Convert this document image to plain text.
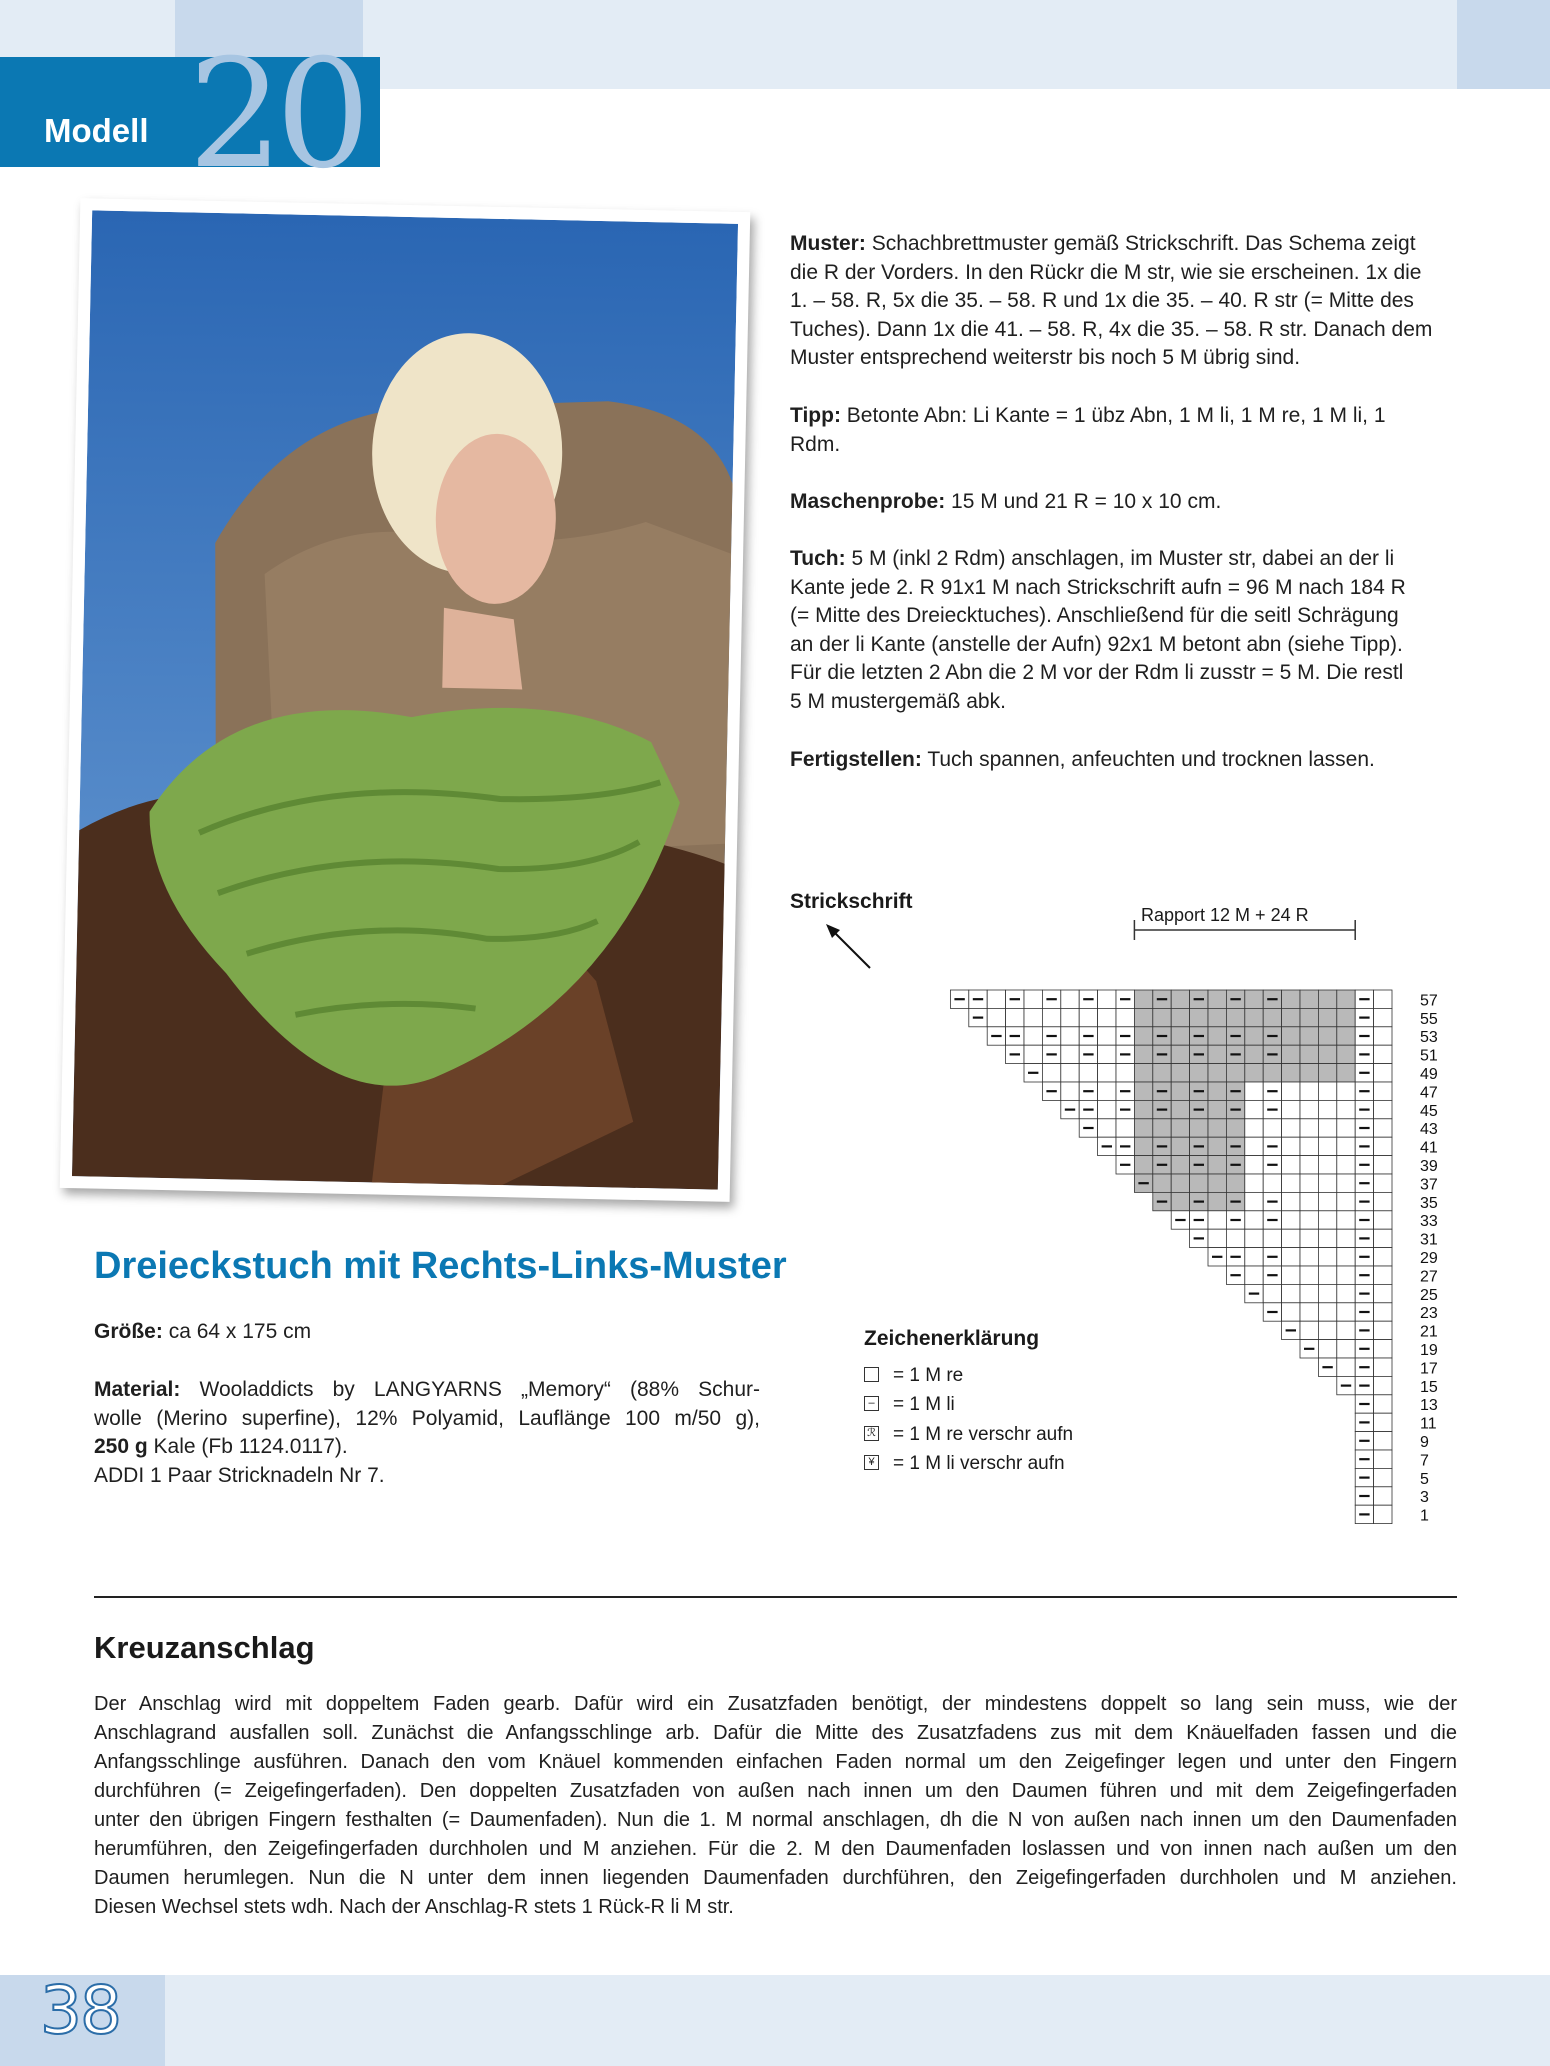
Modell 20
Muster: Schachbrettmuster gemäß Strickschrift. Das Schema zeigt
die R der Vorders. In den Rückr die M str, wie sie erscheinen. 1x die
1. – 58. R, 5x die 35. – 58. R und 1x die 35. – 40. R str (= Mitte des
Tuches). Dann 1x die 41. – 58. R, 4x die 35. – 58. R str. Danach dem
Muster entsprechend weiterstr bis noch 5 M übrig sind.
Tipp: Betonte Abn: Li Kante = 1 übz Abn, 1 M li, 1 M re, 1 M li, 1
Rdm.
Maschenprobe: 15 M und 21 R = 10 x 10 cm.
Tuch: 5 M (inkl 2 Rdm) anschlagen, im Muster str, dabei an der li
Kante jede 2. R 91x1 M nach Strickschrift aufn = 96 M nach 184 R
(= Mitte des Dreiecktuches). Anschließend für die seitl Schrägung
an der li Kante (anstelle der Aufn) 92x1 M betont abn (siehe Tipp).
Für die letzten 2 Abn die 2 M vor der Rdm li zusstr = 5 M. Die restl
5 M mustergemäß abk.
Fertigstellen: Tuch spannen, anfeuchten und trocknen lassen.
Strickschrift
Rapport 12 M + 24 R
57
55
53
51
49
47
45
43
41
39
37
35
33
31
29
27
25
23
21
19
17
15
13
11
9
7
5
3
1
Zeichenerklärung
= 1 M re
– = 1 M li
ℛ = 1 M re verschr aufn
¥ = 1 M li verschr aufn
Dreieckstuch mit Rechts-Links-Muster
Größe: ca 64 x 175 cm
Material: Wooladdicts by LANGYARNS „Memory“ (88% Schur-
wolle (Merino superfine), 12% Polyamid, Lauflänge 100 m/50 g),
250 g Kale (Fb 1124.0117).
ADDI 1 Paar Stricknadeln Nr 7.
Kreuzanschlag
Der Anschlag wird mit doppeltem Faden gearb. Dafür wird ein Zusatzfaden benötigt, der mindestens doppelt so lang sein muss, wie der
Anschlagrand ausfallen soll. Zunächst die Anfangsschlinge arb. Dafür die Mitte des Zusatzfadens zus mit dem Knäuelfaden fassen und die
Anfangsschlinge ausführen. Danach den vom Knäuel kommenden einfachen Faden normal um den Zeigefinger legen und unter den Fingern
durchführen (= Zeigefingerfaden). Den doppelten Zusatzfaden von außen nach innen um den Daumen führen und mit dem Zeigefingerfaden
unter den übrigen Fingern festhalten (= Daumenfaden). Nun die 1. M normal anschlagen, dh die N von außen nach innen um den Daumenfaden
herumführen, den Zeigefingerfaden durchholen und M anziehen. Für die 2. M den Daumenfaden loslassen und von innen nach außen um den
Daumen herumlegen. Nun die N unter dem innen liegenden Daumenfaden durchführen, den Zeigefingerfaden durchholen und M anziehen.
Diesen Wechsel stets wdh. Nach der Anschlag-R stets 1 Rück-R li M str.
38
